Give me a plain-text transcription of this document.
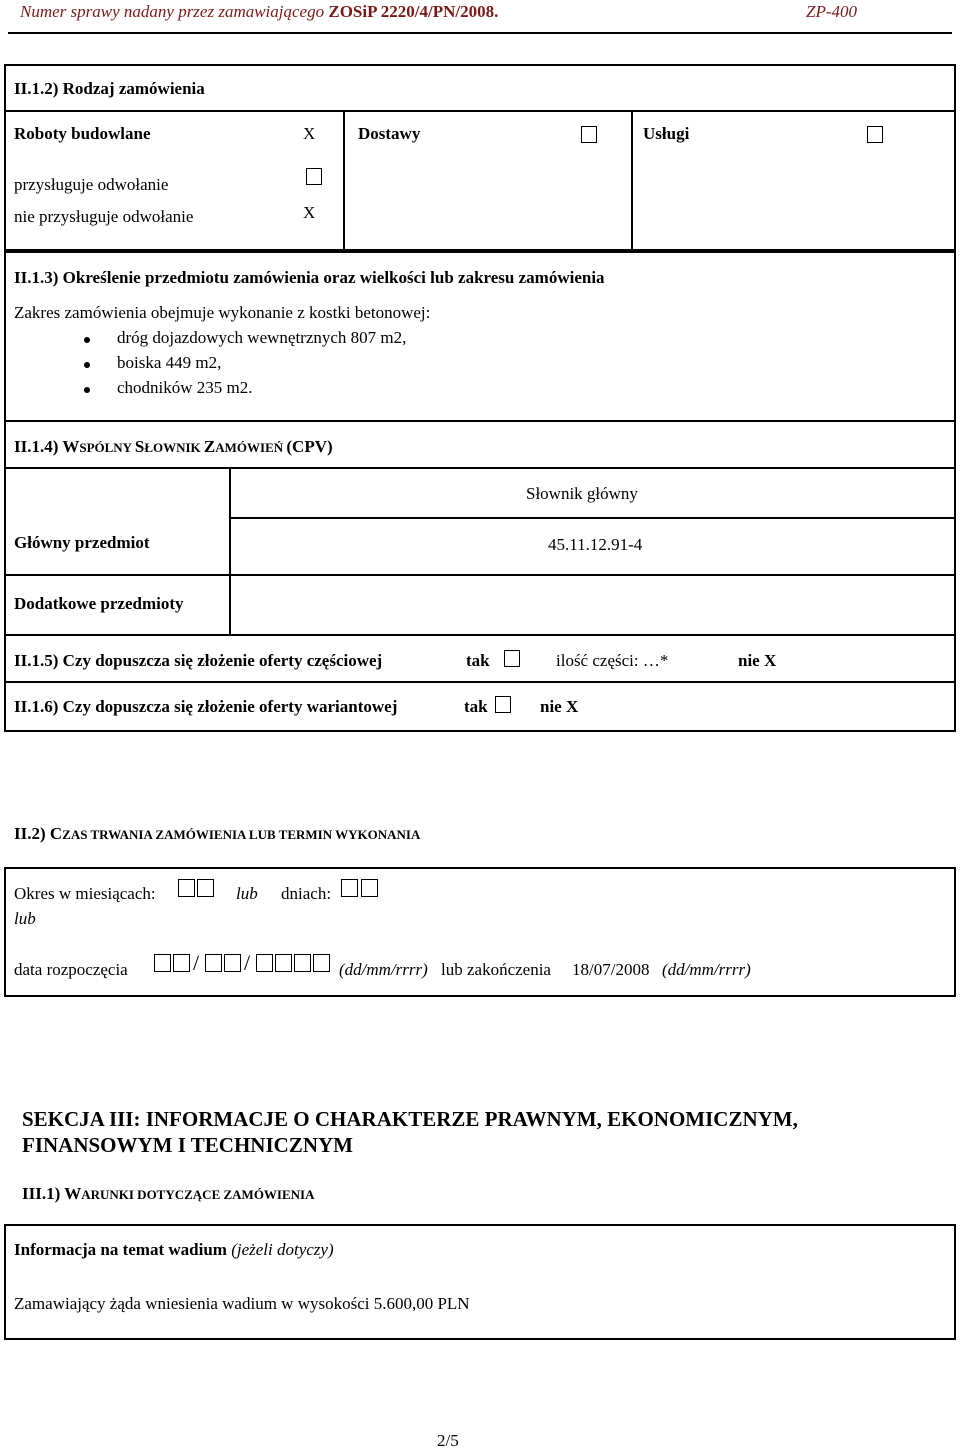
Numer sprawy nadany przez zamawiającego ZOSiP 2220/4/PN/2008.	ZP-400
II.1.2) Rodzaj zamówienia
Roboty budowlane	X	Dostawy	Usługi
przysługuje odwołanie
nie przysługuje odwołanie	X
II.1.3) Określenie przedmiotu zamówienia oraz wielkości lub zakresu zamówienia
Zakres zamówienia obejmuje wykonanie z kostki betonowej:
dróg dojazdowych wewnętrznych 807 m2,
boiska 449 m2,
chodników 235 m2.
II.1.4) WSPÓLNY SŁOWNIK ZAMÓWIEŃ (CPV)
Słownik główny
Główny przedmiot	45.11.12.91-4
Dodatkowe przedmioty
II.1.5) Czy dopuszcza się złożenie oferty częściowej	tak	ilość części: …*	nie X
II.1.6) Czy dopuszcza się złożenie oferty wariantowej	tak	nie X
II.2) CZAS TRWANIA ZAMÓWIENIA LUB TERMIN WYKONANIA
Okres w miesiącach:	lub dniach:
lub
data rozpoczęcia	/ /	(dd/mm/rrrr) lub zakończenia 18/07/2008 (dd/mm/rrrr)
SEKCJA III: INFORMACJE O CHARAKTERZE PRAWNYM, EKONOMICZNYM,
FINANSOWYM I TECHNICZNYM
III.1) WARUNKI DOTYCZĄCE ZAMÓWIENIA
Informacja na temat wadium (jeżeli dotyczy)
Zamawiający żąda wniesienia wadium w wysokości 5.600,00 PLN
2/5
